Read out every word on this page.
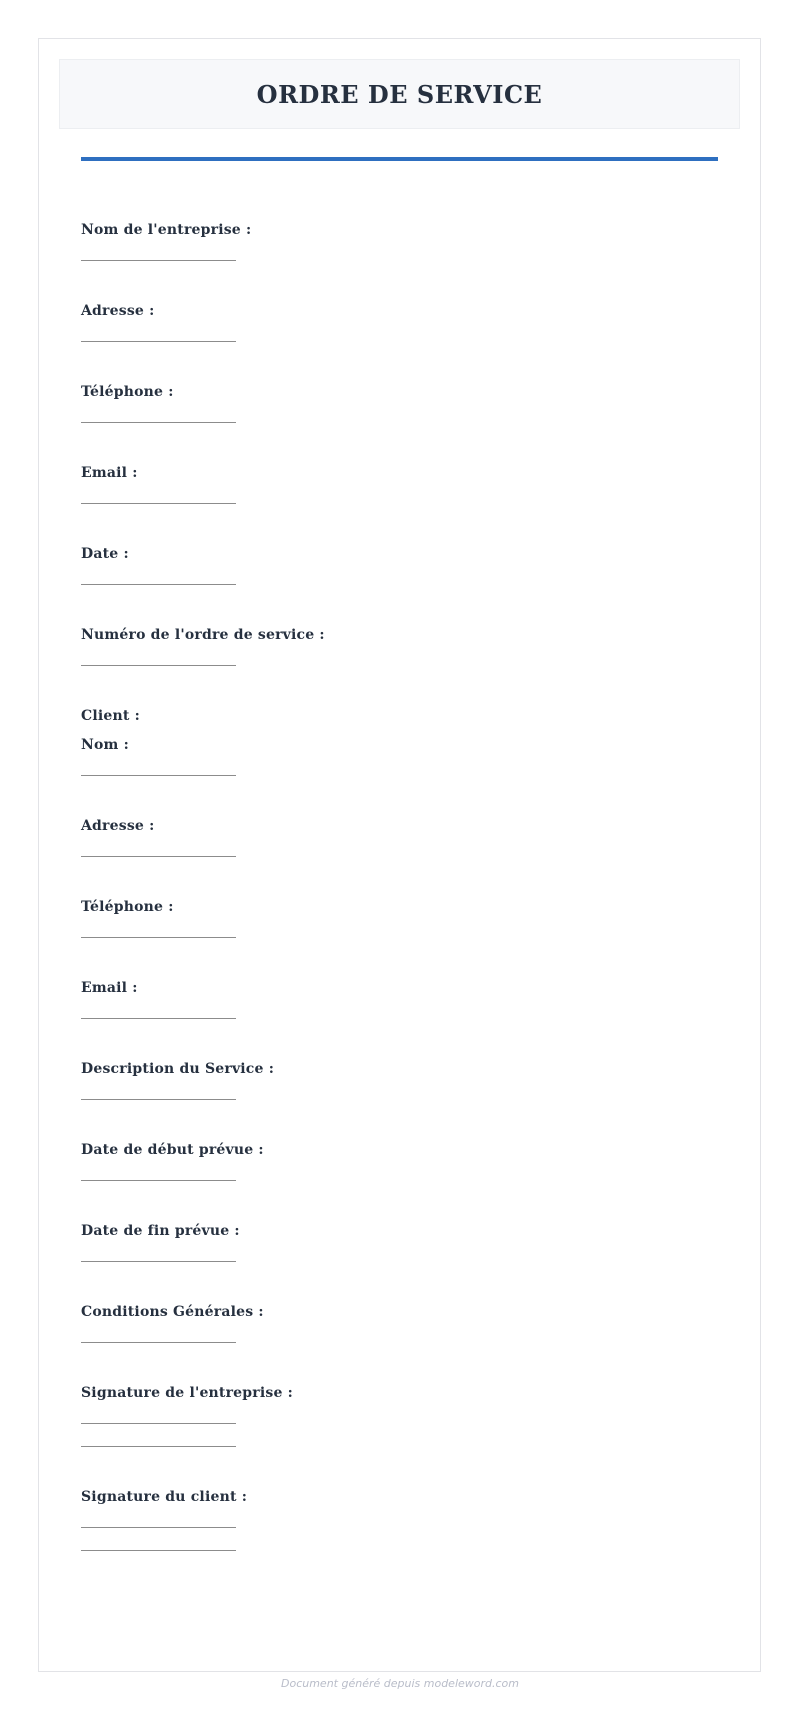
ORDRE DE SERVICE

Nom de l'entreprise :

Adresse :

Téléphone :

Email :

Date :

Numéro de l'ordre de service :

Client :

Nom :

Adresse :

Téléphone :

Email :

Description du Service :

Date de début prévue :

Date de fin prévue :

Conditions Générales :

Signature de l'entreprise :

Signature du client :

Document généré depuis modeleword.com
